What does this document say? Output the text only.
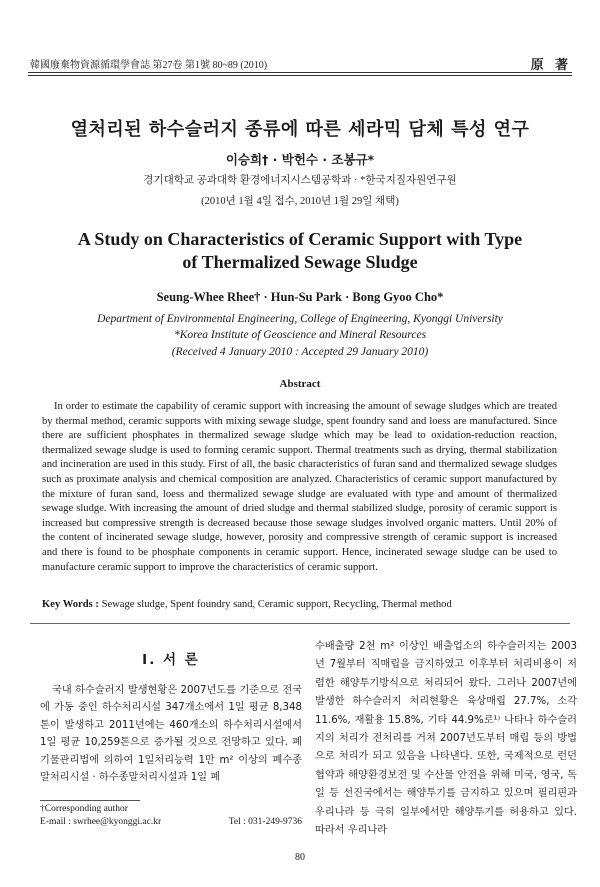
韓國廢棄物資源循環學會誌 第27卷 第1號 80~89 (2010)	原 著
열처리된 하수슬러지 종류에 따른 세라믹 담체 특성 연구
이승희† · 박헌수 · 조봉규*
경기대학교 공과대학 환경에너지시스템공학과 · *한국지질자원연구원
(2010년 1월 4일 접수, 2010년 1월 29일 채택)
A Study on Characteristics of Ceramic Support with Type
of Thermalized Sewage Sludge
Seung-Whee Rhee† · Hun-Su Park · Bong Gyoo Cho*
Department of Environmental Engineering, College of Engineering, Kyonggi University
*Korea Institute of Geoscience and Mineral Resources
(Received 4 January 2010 : Accepted 29 January 2010)
Abstract

In order to estimate the capability of ceramic support with increasing the amount of sewage sludges which are treated by thermal method, ceramic supports with mixing sewage sludge, spent foundry sand and loess are manufactured. Since there are sufficient phosphates in thermalized sewage sludge which may be lead to oxidation-reduction reaction, thermalized sewage sludge is used to forming ceramic support. Thermal treatments such as drying, thermal stabilization and incineration are used in this study. First of all, the basic characteristics of furan sand and thermalized sewage sludges such as proximate analysis and chemical composition are analyzed. Characteristics of ceramic support manufactured by the mixture of furan sand, loess and thermalized sewage sludge are evaluated with type and amount of thermalized sewage sludge. With increasing the amount of dried sludge and thermal stabilized sludge, porosity of ceramic support is increased but compressive strength is decreased because those sewage sludges involved organic matters. Until 20% of the content of incinerated sewage sludge, however, porosity and compressive strength of ceramic support is increased and there is found to be phosphate components in ceramic support. Hence, incinerated sewage sludge can be used to manufacture ceramic support to improve the characteristics of ceramic support.

Key Words : Sewage sludge, Spent foundry sand, Ceramic support, Recycling, Thermal method

I. 서 론

국내 하수슬러지 발생현황은 2007년도를 기준으로 전국에 가동 중인 하수처리시설 347개소에서 1일 평균 8,348톤이 발생하고 2011년에는 460개소의 하수처리시설에서 1일 평균 10,259톤으로 증가될 것으로 전망하고 있다. 폐기물관리법에 의하여 1일처리능력 1만 m² 이상의 폐수종말처리시설 · 하수종말처리시설과 1일 폐

수배출량 2천 m² 이상인 배출업소의 하수슬러지는 2003년 7월부터 직매립을 금지하였고 이후부터 처리비용이 저렴한 해양투기방식으로 처리되어 왔다. 그러나 2007년에 발생한 하수슬러지 처리현황은 육상매립 27.7%, 소각 11.6%, 재활용 15.8%, 기타 44.9%로¹⁾ 나타나 하수슬러지의 처리가 전처리를 거쳐 2007년도부터 매립 등의 방법으로 처리가 되고 있음을 나타낸다. 또한, 국제적으로 런던협약과 해양환경보전 및 수산물 안전을 위해 미국, 영국, 독일 등 선진국에서는 해양투기를 금지하고 있으며 필리핀과 우리나라 등 극히 일부에서만 해양투기를 허용하고 있다. 따라서 우리나라

†Corresponding author
E-mail : swrhee@kyonggi.ac.kr	Tel : 031-249-9736
80
